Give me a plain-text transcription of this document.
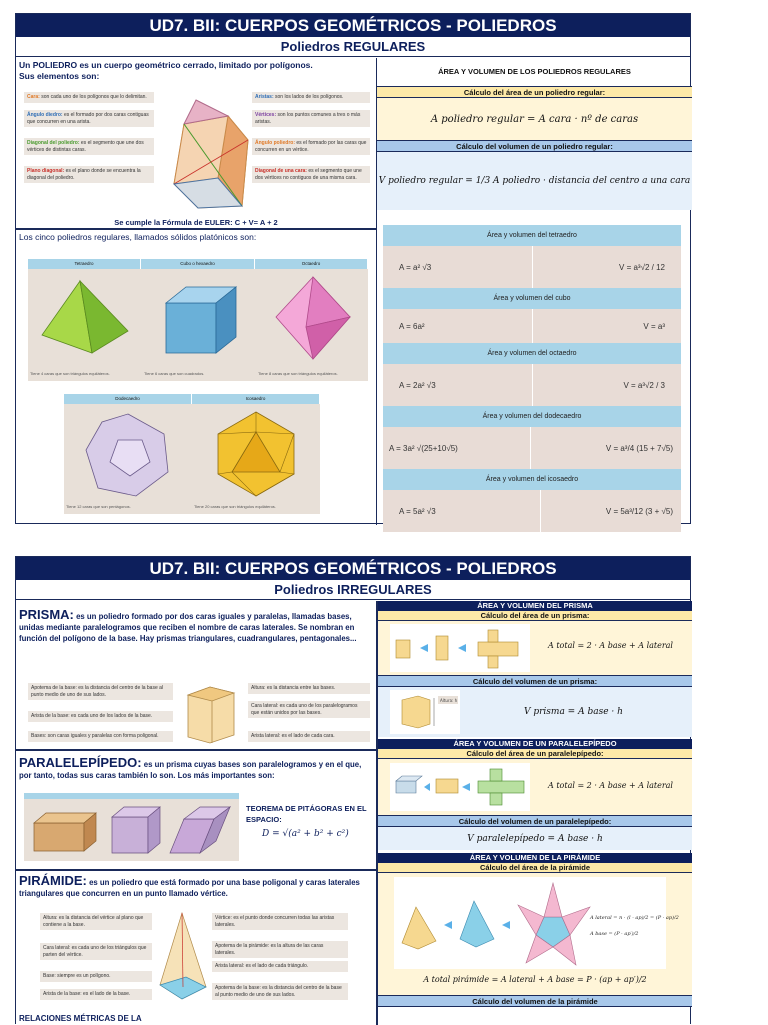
UD7. BII: CUERPOS GEOMÉTRICOS - POLIEDROS
Poliedros REGULARES
Un POLIEDRO es un cuerpo geométrico cerrado, limitado por polígonos.
Sus elementos son:
Cara: son cada uno de los polígonos que lo delimitan.
Ángulo diedro: es el formado por dos caras contiguas que concurren en una arista.
Diagonal del poliedro: es el segmento que une dos vértices de distintas caras.
Plano diagonal: es el plano donde se encuentra la diagonal del poliedro.
Aristas: son los lados de los polígonos.
Vértices: son los puntos comunes a tres o más aristas.
Ángulo poliedro: es el formado por las caras que concurren en un vértice.
Diagonal de una cara: es el segmento que une dos vértices no contiguos de una misma cara.
Se cumple la Fórmula de EULER: C + V= A + 2
Los cinco poliedros regulares, llamados sólidos platónicos son:
Tetraedro	Cubo o hexaedro	Octaedro
Tiene 4 caras que son triángulos equiláteros.	Tiene 6 caras que son cuadrados.	Tiene 8 caras que son triángulos equiláteros.
Dodecaedro	Icosaedro
Tiene 12 caras que son pentágonos.	Tiene 20 caras que son triángulos equiláteros.
ÁREA Y VOLUMEN DE LOS POLIEDROS REGULARES
Cálculo del área de un poliedro regular:
A poliedro regular = A cara · nº de caras
Cálculo del volumen de un poliedro regular:
V poliedro regular = 1/3 A poliedro · distancia del centro a una cara
Área y volumen del tetraedro
A = a² √3	V = a³√2 / 12
Área y volumen del cubo
A = 6a²	V = a³
Área y volumen del octaedro
A = 2a² √3	V = a³√2 / 3
Área y volumen del dodecaedro
A = 3a² √(25+10√5)	V = a³/4 (15 + 7√5)
Área y volumen del icosaedro
A = 5a² √3	V = 5a³/12 (3 + √5)
UD7. BII: CUERPOS GEOMÉTRICOS - POLIEDROS
Poliedros IRREGULARES
PRISMA: es un poliedro formado por dos caras iguales y paralelas, llamadas bases, unidas mediante paralelogramos que reciben el nombre de caras laterales. Se nombran en función del polígono de la base. Hay prismas triangulares, cuadrangulares, pentagonales...
Apotema de la base: es la distancia del centro de la base al punto medio de uno de sus lados.
Arista de la base: es cada uno de los lados de la base.
Bases: son caras iguales y paralelas con forma poligonal.
Altura: es la distancia entre las bases.
Cara lateral: es cada uno de los paralelogramos que están unidos por las bases.
Arista lateral: es el lado de cada cara.
PARALELEPÍPEDO: es un prisma cuyas bases son paralelogramos y en el que, por tanto, todas sus caras también lo son. Los más importantes son:
TEOREMA DE PITÁGORAS EN EL ESPACIO:
D = √(a² + b² + c²)
PIRÁMIDE: es un poliedro que está formado por una base poligonal y caras laterales triangulares que concurren en un punto llamado vértice.
Altura: es la distancia del vértice al plano que contiene a la base.
Cara lateral: es cada uno de los triángulos que parten del vértice.
Base: siempre es un polígono.
Arista de la base: es el lado de la base.
Vértice: es el punto donde concurren todas las aristas laterales.
Apotema de la pirámide: es la altura de las caras laterales.
Arista lateral: es el lado de cada triángulo.
Apotema de la base: es la distancia del centro de la base al punto medio de uno de sus lados.
RELACIONES MÉTRICAS DE LA
ÁREA Y VOLUMEN DEL PRISMA
Cálculo del área de un prisma:
A total = 2 · A base + A lateral
Cálculo del volumen de un prisma:
Altura: h
V prisma = A base · h
ÁREA Y VOLUMEN DE UN PARALELEPÍPEDO
Cálculo del área de un paralelepípedo:
A total = 2 · A base + A lateral
Cálculo del volumen de un paralelepípedo:
V paralelepípedo = A base · h
ÁREA Y VOLUMEN DE LA PIRÁMIDE
Cálculo del área de la pirámide
A lateral = n · (l · ap)/2 = (P · ap)/2
A base = (P · ap′)/2
A total pirámide = A lateral + A base = P · (ap + ap′)/2
Cálculo del volumen de la pirámide
